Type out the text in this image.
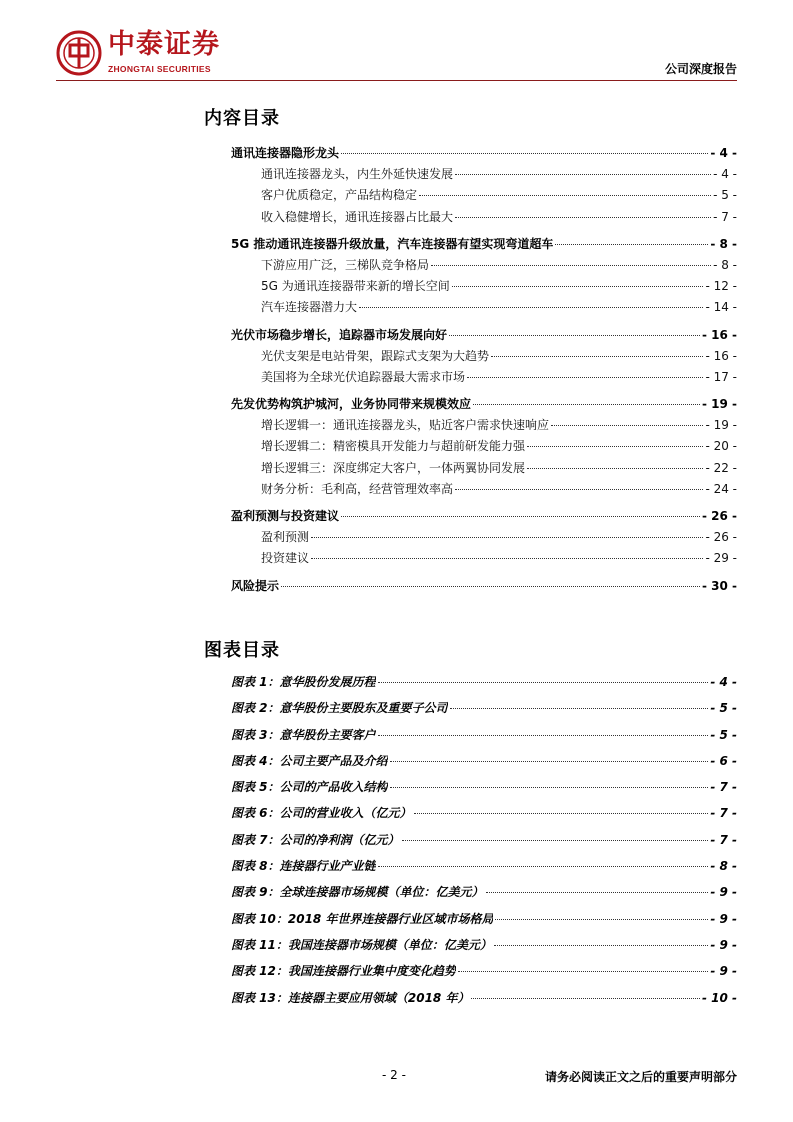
中泰证券
ZHONGTAI SECURITIES	公司深度报告
内容目录
通讯连接器隐形龙头	- 4 -
通讯连接器龙头，内生外延快速发展	- 4 -
客户优质稳定，产品结构稳定	- 5 -
收入稳健增长，通讯连接器占比最大	- 7 -
5G 推动通讯连接器升级放量，汽车连接器有望实现弯道超车	- 8 -
下游应用广泛，三梯队竞争格局	- 8 -
5G 为通讯连接器带来新的增长空间	- 12 -
汽车连接器潜力大	- 14 -
光伏市场稳步增长，追踪器市场发展向好	- 16 -
光伏支架是电站骨架，跟踪式支架为大趋势	- 16 -
美国将为全球光伏追踪器最大需求市场	- 17 -
先发优势构筑护城河，业务协同带来规模效应	- 19 -
增长逻辑一：通讯连接器龙头，贴近客户需求快速响应	- 19 -
增长逻辑二：精密模具开发能力与超前研发能力强	- 20 -
增长逻辑三：深度绑定大客户，一体两翼协同发展	- 22 -
财务分析：毛利高，经营管理效率高	- 24 -
盈利预测与投资建议	- 26 -
盈利预测	- 26 -
投资建议	- 29 -
风险提示	- 30 -
图表目录
图表 1：意华股份发展历程	- 4 -
图表 2：意华股份主要股东及重要子公司	- 5 -
图表 3：意华股份主要客户	- 5 -
图表 4：公司主要产品及介绍	- 6 -
图表 5：公司的产品收入结构	- 7 -
图表 6：公司的营业收入（亿元）	- 7 -
图表 7：公司的净利润（亿元）	- 7 -
图表 8：连接器行业产业链	- 8 -
图表 9：全球连接器市场规模（单位：亿美元）	- 9 -
图表 10：2018 年世界连接器行业区域市场格局	- 9 -
图表 11：我国连接器市场规模（单位：亿美元）	- 9 -
图表 12：我国连接器行业集中度变化趋势	- 9 -
图表 13：连接器主要应用领域（2018 年）	- 10 -
- 2 -	请务必阅读正文之后的重要声明部分
